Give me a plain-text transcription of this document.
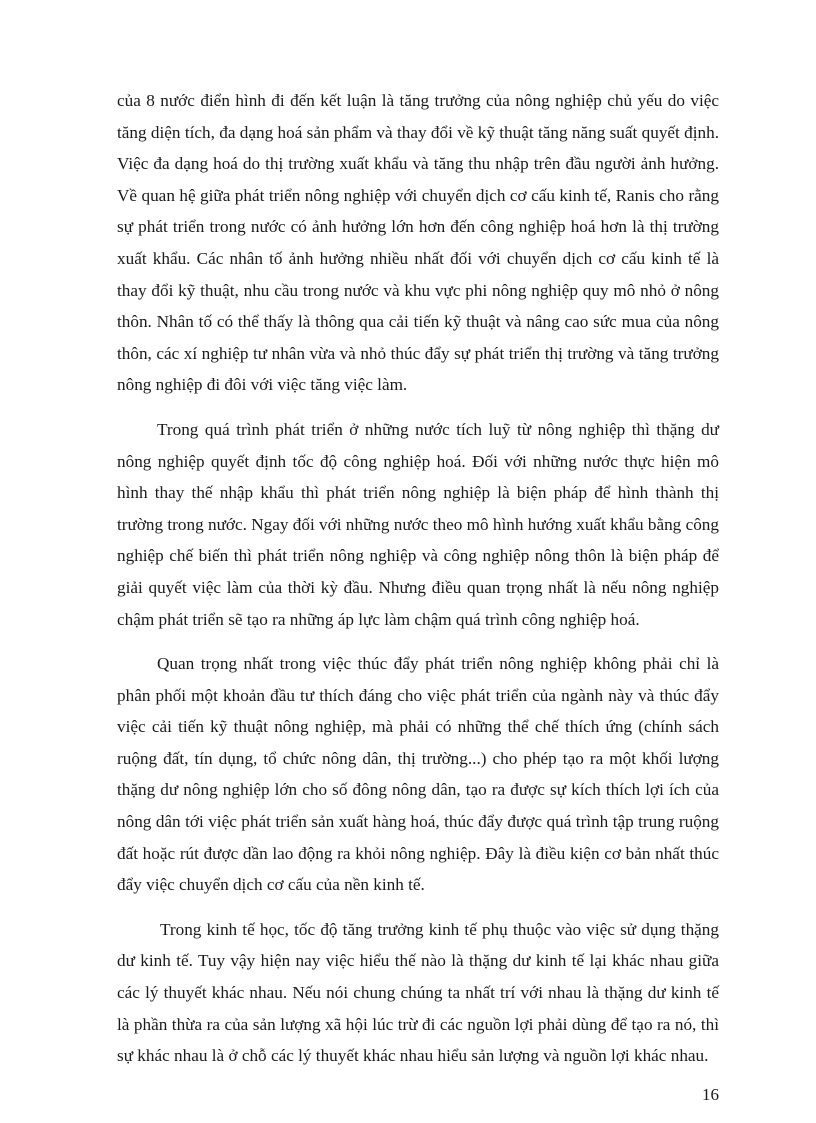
của 8 nước điển hình đi đến kết luận là tăng trưởng của nông nghiệp chủ yếu do việc tăng diện tích, đa dạng hoá sản phẩm và thay đổi về kỹ thuật tăng năng suất quyết định. Việc đa dạng hoá do thị trường xuất khẩu và tăng thu nhập trên đầu người ảnh hưởng. Về quan hệ giữa phát triển nông nghiệp với chuyển dịch cơ cấu kinh tế, Ranis cho rằng sự phát triển trong nước có ảnh hưởng lớn hơn đến công nghiệp hoá hơn là thị trường xuất khẩu. Các nhân tố ảnh hưởng nhiều nhất đối với chuyển dịch cơ cấu kinh tế là thay đổi kỹ thuật, nhu cầu trong nước và khu vực phi nông nghiệp quy mô nhỏ ở nông thôn. Nhân tố có thể thấy là thông qua cải tiến kỹ thuật và nâng cao sức mua của nông thôn, các xí nghiệp tư nhân vừa và nhỏ thúc đẩy sự phát triển thị trường và tăng trưởng nông nghiệp đi đôi với việc tăng việc làm.

Trong quá trình phát triển ở những nước tích luỹ từ nông nghiệp thì thặng dư nông nghiệp quyết định tốc độ công nghiệp hoá. Đối với những nước thực hiện mô hình thay thế nhập khẩu thì phát triển nông nghiệp là biện pháp để hình thành thị trường trong nước. Ngay đối với những nước theo mô hình hướng xuất khẩu bằng công nghiệp chế biến thì phát triển nông nghiệp và công nghiệp nông thôn là biện pháp để giải quyết việc làm của thời kỳ đầu. Nhưng điều quan trọng nhất là nếu nông nghiệp chậm phát triển sẽ tạo ra những áp lực làm chậm quá trình công nghiệp hoá.

Quan trọng nhất trong việc thúc đẩy phát triển nông nghiệp không phải chỉ là phân phối một khoản đầu tư thích đáng cho việc phát triển của ngành này và thúc đẩy việc cải tiến kỹ thuật nông nghiệp, mà phải có những thể chế thích ứng (chính sách ruộng đất, tín dụng, tổ chức nông dân, thị trường...) cho phép tạo ra một khối lượng thặng dư nông nghiệp lớn cho số đông nông dân, tạo ra được sự kích thích lợi ích của nông dân tới việc phát triển sản xuất hàng hoá, thúc đẩy được quá trình tập trung ruộng đất hoặc rút được dần lao động ra khỏi nông nghiệp. Đây là điều kiện cơ bản nhất thúc đẩy việc chuyển dịch cơ cấu của nền kinh tế.

Trong kinh tế học, tốc độ tăng trưởng kinh tế phụ thuộc vào việc sử dụng thặng dư kinh tế. Tuy vậy hiện nay việc hiểu thế nào là thặng dư kinh tế lại khác nhau giữa các lý thuyết khác nhau. Nếu nói chung chúng ta nhất trí với nhau là thặng dư kinh tế là phần thừa ra của sản lượng xã hội lúc trừ đi các nguồn lợi phải dùng để tạo ra nó, thì sự khác nhau là ở chỗ các lý thuyết khác nhau hiểu sản lượng và nguồn lợi khác nhau.

16
